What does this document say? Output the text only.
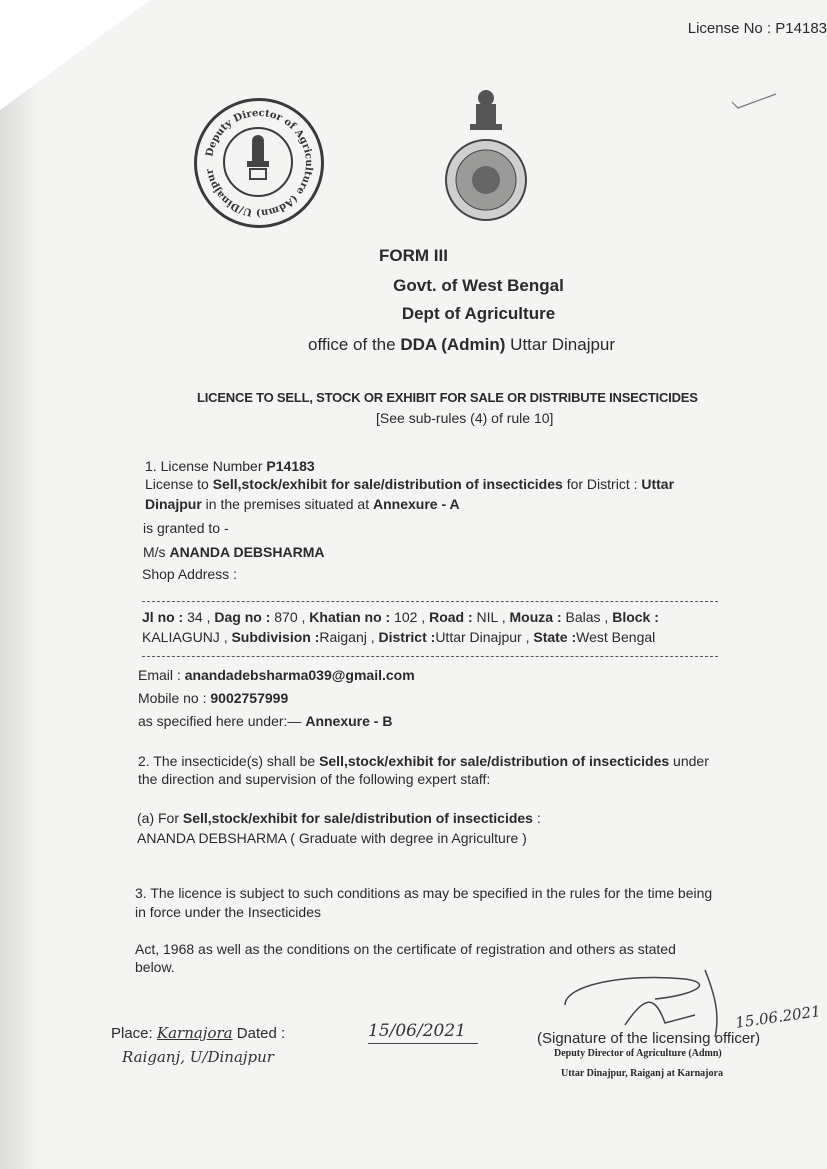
License No : P14183
Deputy Director of Agriculture (Admn) U/Dinajpur
FORM III
Govt. of West Bengal
Dept of Agriculture
office of the DDA (Admin) Uttar Dinajpur
LICENCE TO SELL, STOCK OR EXHIBIT FOR SALE OR DISTRIBUTE INSECTICIDES
[See sub-rules (4) of rule 10]
1. License Number P14183
License to Sell,stock/exhibit for sale/distribution of insecticides for District : Uttar
Dinajpur in the premises situated at Annexure - A
is granted to -
M/s ANANDA DEBSHARMA
Shop Address :
Jl no : 34 , Dag no : 870 , Khatian no : 102 , Road : NIL , Mouza : Balas , Block :
KALIAGUNJ , Subdivision :Raiganj , District :Uttar Dinajpur , State :West Bengal
Email : anandadebsharma039@gmail.com
Mobile no : 9002757999
as specified here under:— Annexure - B
2. The insecticide(s) shall be Sell,stock/exhibit for sale/distribution of insecticides under
the direction and supervision of the following expert staff:
(a) For Sell,stock/exhibit for sale/distribution of insecticides :
ANANDA DEBSHARMA ( Graduate with degree in Agriculture )
3. The licence is subject to such conditions as may be specified in the rules for the time being
in force under the Insecticides
Act, 1968 as well as the conditions on the certificate of registration and others as stated
below.
Place: Karnajora Dated :	15/06/2021
Raiganj, U/Dinajpur
15.06.2021
(Signature of the licensing officer)
Deputy Director of Agriculture (Admn)
Uttar Dinajpur, Raiganj at Karnajora
